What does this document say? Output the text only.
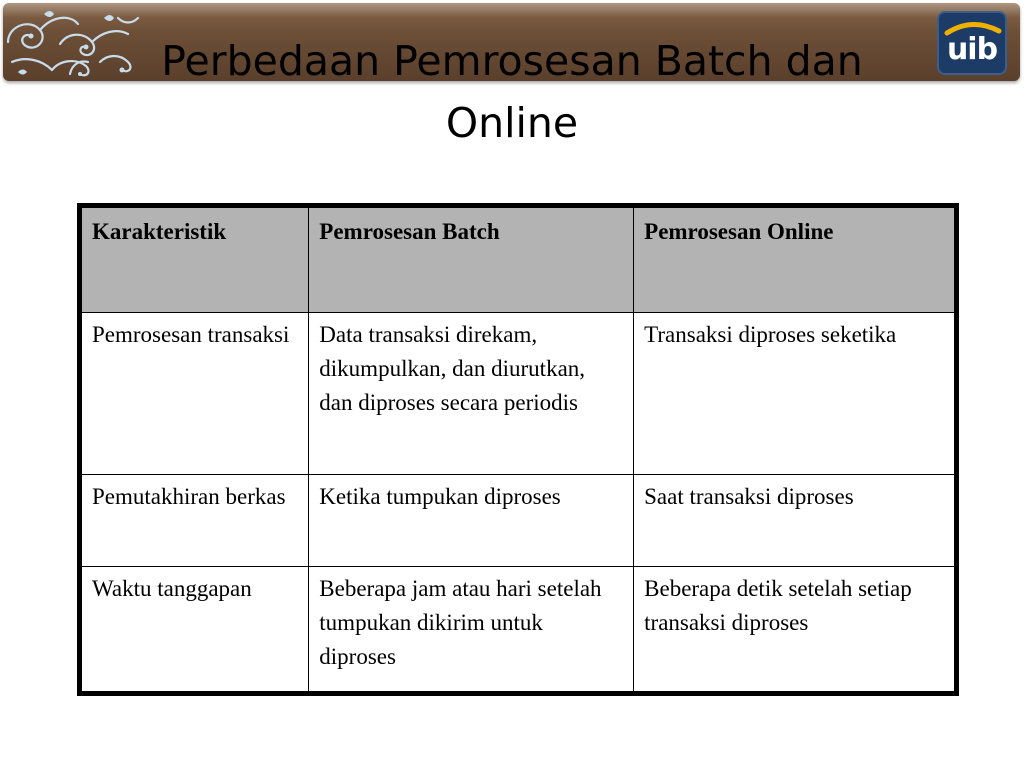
uib
Perbedaan Pemrosesan Batch dan
Online
Karakteristik	Pemrosesan Batch	Pemrosesan Online
Pemrosesan transaksi	Data transaksi direkam, dikumpulkan, dan diurutkan, dan diproses secara periodis	Transaksi diproses seketika
Pemutakhiran berkas	Ketika tumpukan diproses	Saat transaksi diproses
Waktu tanggapan	Beberapa jam atau hari setelah tumpukan dikirim untuk diproses	Beberapa detik setelah setiap transaksi diproses
